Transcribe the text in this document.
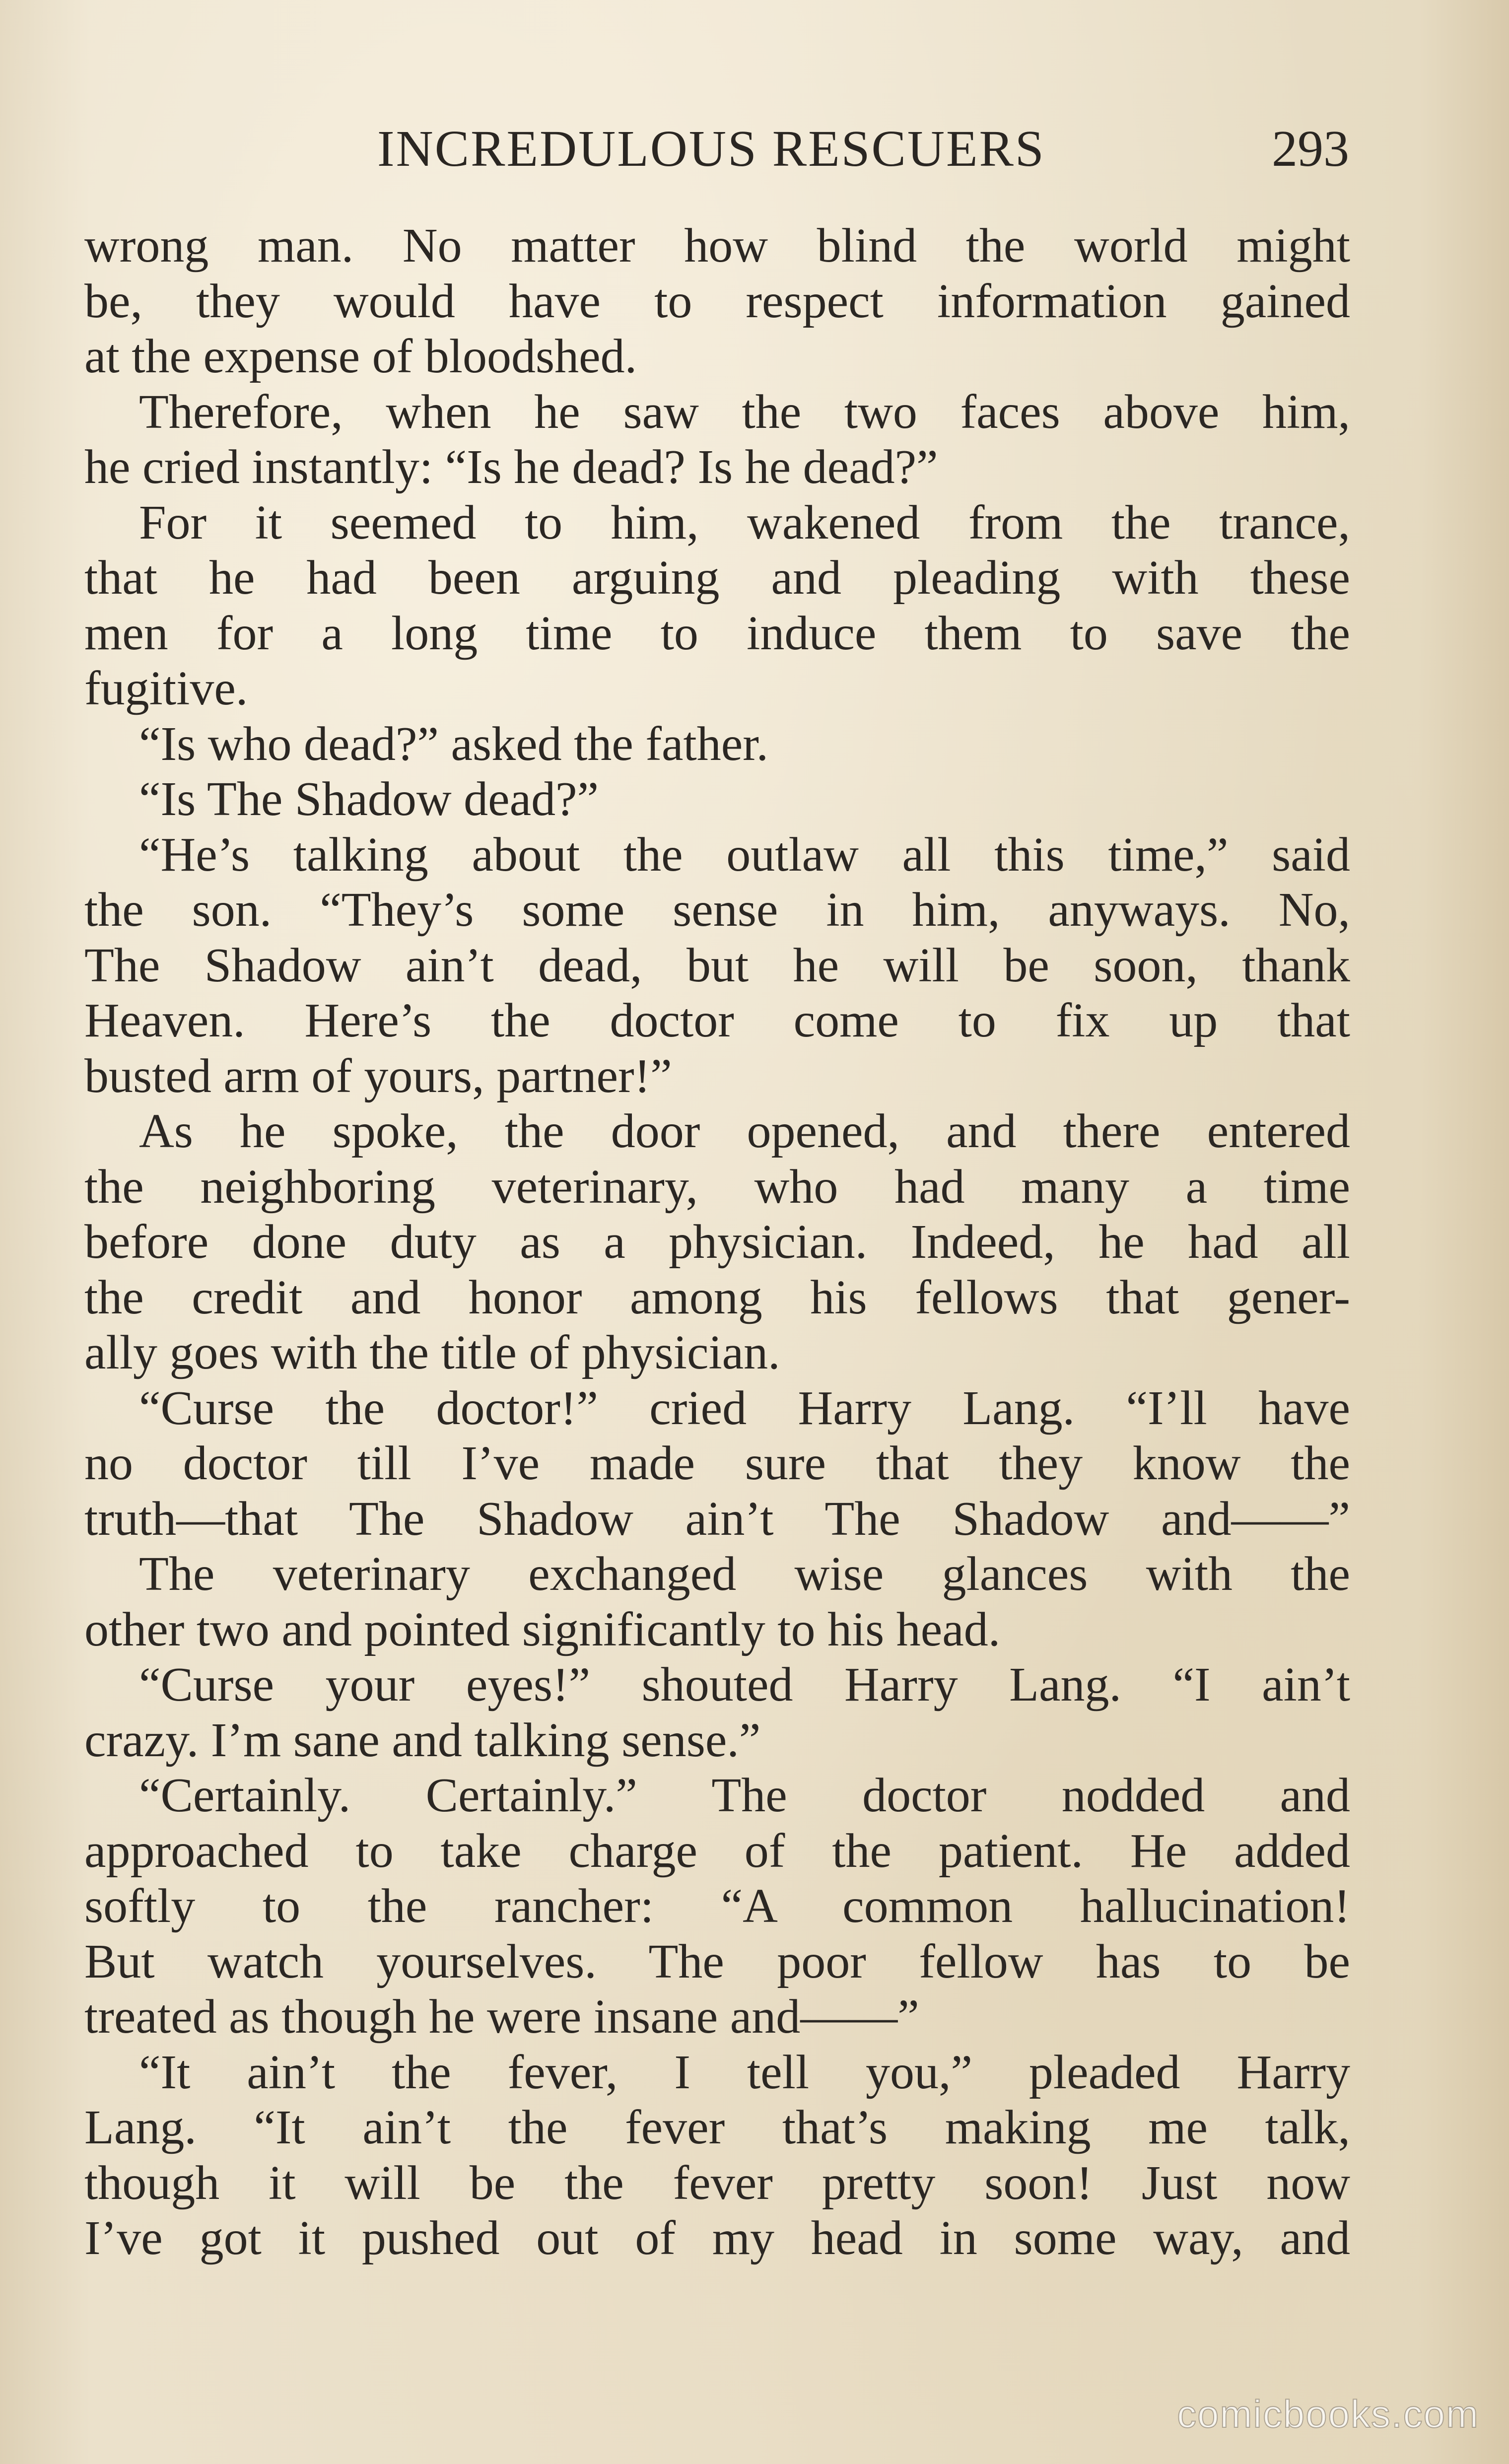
INCREDULOUS RESCUERS	293
wrong man. No matter how blind the world might
be, they would have to respect information gained
at the expense of bloodshed.
Therefore, when he saw the two faces above him,
he cried instantly: “Is he dead? Is he dead?”
For it seemed to him, wakened from the trance,
that he had been arguing and pleading with these
men for a long time to induce them to save the
fugitive.
“Is who dead?” asked the father.
“Is The Shadow dead?”
“He’s talking about the outlaw all this time,” said
the son. “They’s some sense in him, anyways. No,
The Shadow ain’t dead, but he will be soon, thank
Heaven. Here’s the doctor come to fix up that
busted arm of yours, partner!”
As he spoke, the door opened, and there entered
the neighboring veterinary, who had many a time
before done duty as a physician. Indeed, he had all
the credit and honor among his fellows that gener-
ally goes with the title of physician.
“Curse the doctor!” cried Harry Lang. “I’ll have
no doctor till I’ve made sure that they know the
truth—that The Shadow ain’t The Shadow and——”
The veterinary exchanged wise glances with the
other two and pointed significantly to his head.
“Curse your eyes!” shouted Harry Lang. “I ain’t
crazy. I’m sane and talking sense.”
“Certainly. Certainly.” The doctor nodded and
approached to take charge of the patient. He added
softly to the rancher: “A common hallucination!
But watch yourselves. The poor fellow has to be
treated as though he were insane and——”
“It ain’t the fever, I tell you,” pleaded Harry
Lang. “It ain’t the fever that’s making me talk,
though it will be the fever pretty soon! Just now
I’ve got it pushed out of my head in some way, and
comicbooks.com
